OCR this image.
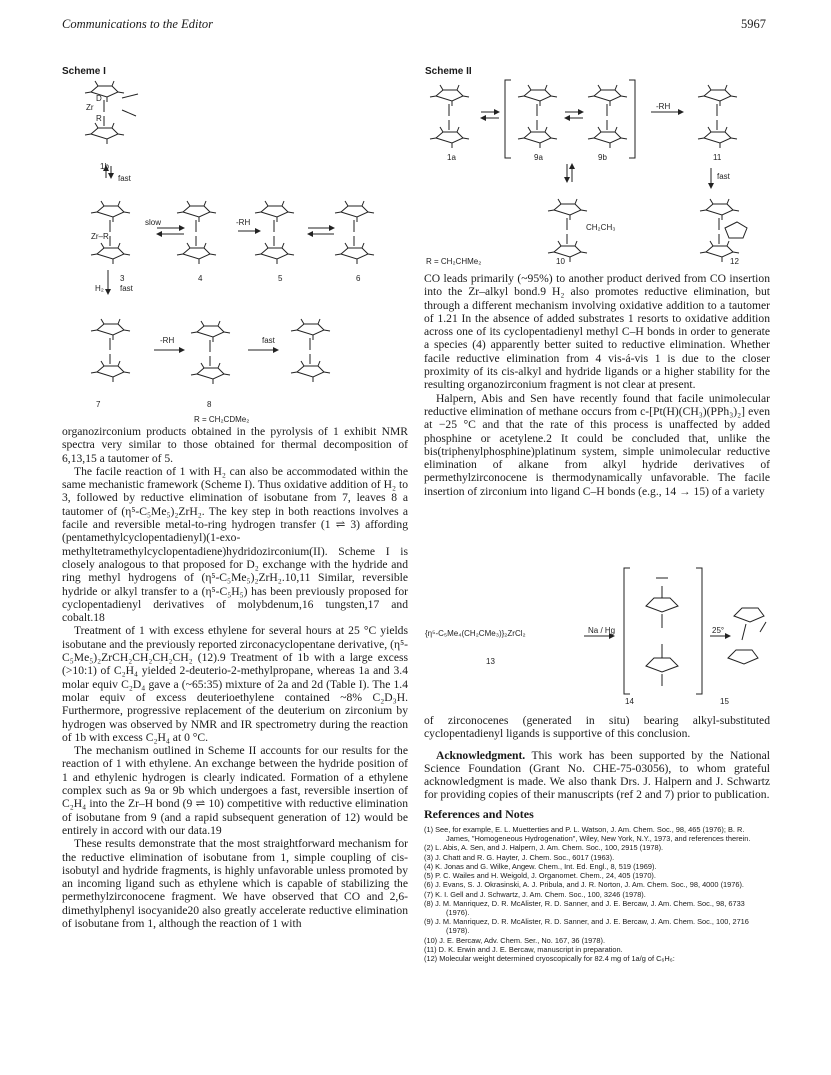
Communications to the Editor	5967
Scheme I
D
R
Zr
1b
fast
slow	-RH
Zr–R
3	4	5	6
H₂ fast
-RH	fast
7	8
R = CH₂CDMe₂
Scheme II
1a	9a	9b
-RH
11
fast
CH₂CH₃
10	12
R = CH₂CHMe₂

organozirconium products obtained in the pyrolysis of 1 exhibit NMR spectra very similar to those obtained for thermal decomposition of 6,13,15 a tautomer of 5.

The facile reaction of 1 with H₂ can also be accommodated within the same mechanistic framework (Scheme I). Thus oxidative addition of H₂ to 3, followed by reductive elimination of isobutane from 7, leaves 8 a tautomer of (η⁵-C₅Me₅)₂ZrH₂. The key step in both reactions involves a facile and reversible metal-to-ring hydrogen transfer (1 ⇌ 3) affording (pentamethylcyclopentadienyl)(1-exo-methyltetramethylcyclopentadiene)hydridozirconium(II). Scheme I is closely analogous to that proposed for D₂ exchange with the hydride and ring methyl hydrogens of (η⁵-C₅Me₅)₂ZrH₂.10,11 Similar, reversible hydride or alkyl transfer to a (η⁵-C₅H₅) has been previously proposed for cyclopentadienyl derivatives of molybdenum,16 tungsten,17 and cobalt.18

Treatment of 1 with excess ethylene for several hours at 25 °C yields isobutane and the previously reported zirconacyclopentane derivative, (η⁵-C₅Me₅)₂ZrCH₂CH₂CH₂CH₂ (12).9 Treatment of 1b with a large excess (>10:1) of C₂H₄ yielded 2-deuterio-2-methylpropane, whereas 1a and 3.4 molar equiv C₂D₄ gave a (~65:35) mixture of 2a and 2d (Table I). The 1.4 molar equiv of excess deuterioethylene contained ~8% C₂D₃H. Furthermore, progressive replacement of the deuterium on zirconium by hydrogen was observed by NMR and IR spectrometry during the reaction of 1b with excess C₂H₄ at 0 °C.

The mechanism outlined in Scheme II accounts for our results for the reaction of 1 with ethylene. An exchange between the hydride position of 1 and ethylenic hydrogen is clearly indicated. Formation of a ethylene complex such as 9a or 9b which undergoes a fast, reversible insertion of C₂H₄ into the Zr–H bond (9 ⇌ 10) competitive with reductive elimination of isobutane from 9 (and a rapid subsequent generation of 12) would be entirely in accord with our data.19

These results demonstrate that the most straightforward mechanism for the reductive elimination of isobutane from 1, simple coupling of cis-isobutyl and hydride fragments, is highly unfavorable unless promoted by an incoming ligand such as ethylene which is capable of stabilizing the permethylzirconocene fragment. We have observed that CO and 2,6-dimethylphenyl isocyanide20 also greatly accelerate reductive elimination of isobutane from 1, although the reaction of 1 with

CO leads primarily (~95%) to another product derived from CO insertion into the Zr–alkyl bond.9 H₂ also promotes reductive elimination, but through a different mechanism involving oxidative addition to a tautomer of 1.21 In the absence of added substrates 1 resorts to oxidative addition across one of its cyclopentadienyl methyl C–H bonds in order to generate a species (4) apparently better suited to reductive elimination. Whether facile reductive elimination from 4 vis-á-vis 1 is due to the closer proximity of its cis-alkyl and hydride ligands or a higher stability for the resulting organozirconium fragment is not clear at present.

Halpern, Abis and Sen have recently found that facile unimolecular reductive elimination of methane occurs from c-[Pt(H)(CH₃)(PPh₃)₂] even at −25 °C and that the rate of this process is unaffected by added phosphine or acetylene.2 It could be concluded that, unlike the bis(triphenylphosphine)platinum system, simple unimolecular reductive elimination of alkane from alkyl hydride derivatives of permethylzirconocene is thermodynamically unfavorable. The facile insertion of zirconium into ligand C–H bonds (e.g., 14 → 15) of a variety

{η⁵-C₅Me₄(CH₂CMe₃)}₂ZrCl₂	Na / Hg	25°
13
14	15

of zirconocenes (generated in situ) bearing alkyl-substituted cyclopentadienyl ligands is supportive of this conclusion.

Acknowledgment. This work has been supported by the National Science Foundation (Grant No. CHE-75-03056), to whom grateful acknowledgment is made. We also thank Drs. J. Halpern and J. Schwartz for providing copies of their manuscripts (ref 2 and 7) prior to publication.

References and Notes

(1) See, for example, E. L. Muetterties and P. L. Watson, J. Am. Chem. Soc., 98, 465 (1976); B. R. James, "Homogeneous Hydrogenation", Wiley, New York, N.Y., 1973, and references therein.

(2) L. Abis, A. Sen, and J. Halpern, J. Am. Chem. Soc., 100, 2915 (1978).

(3) J. Chatt and R. G. Hayter, J. Chem. Soc., 6017 (1963).

(4) K. Jonas and G. Wilke, Angew. Chem., Int. Ed. Engl., 8, 519 (1969).

(5) P. C. Wailes and H. Weigold, J. Organomet. Chem., 24, 405 (1970).

(6) J. Evans, S. J. Okrasinski, A. J. Pribula, and J. R. Norton, J. Am. Chem. Soc., 98, 4000 (1976).

(7) K. I. Gell and J. Schwartz, J. Am. Chem. Soc., 100, 3246 (1978).

(8) J. M. Manriquez, D. R. McAlister, R. D. Sanner, and J. E. Bercaw, J. Am. Chem. Soc., 98, 6733 (1976).

(9) J. M. Manriquez, D. R. McAlister, R. D. Sanner, and J. E. Bercaw, J. Am. Chem. Soc., 100, 2716 (1978).

(10) J. E. Bercaw, Adv. Chem. Ser., No. 167, 36 (1978).

(11) D. K. Erwin and J. E. Bercaw, manuscript in preparation.

(12) Molecular weight determined cryoscopically for 82.4 mg of 1a/g of C₆H₆:
